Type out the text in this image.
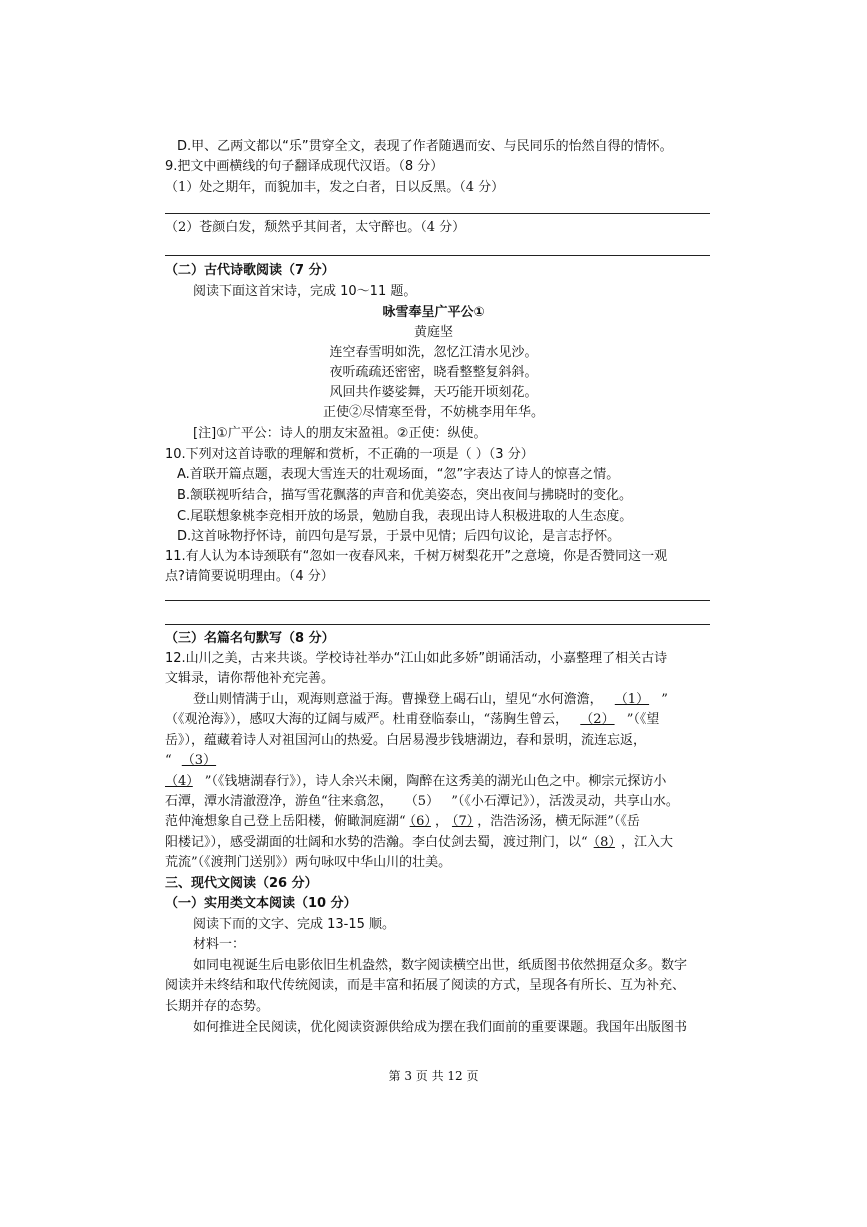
D.甲、乙两文都以“乐”贯穿全文，表现了作者随遇而安、与民同乐的怡然自得的情怀。
9.把文中画横线的句子翻译成现代汉语。（8 分）
（1）处之期年，而貌加丰，发之白者，日以反黑。（4 分）
（2）苍颜白发，颓然乎其间者，太守醉也。（4 分）
（二）古代诗歌阅读（7 分）
阅读下面这首宋诗，完成 10～11 题。
咏雪奉呈广平公①
黄庭坚
连空春雪明如洗，忽忆江清水见沙。
夜听疏疏还密密，晓看整整复斜斜。
风回共作婆娑舞，天巧能开顷刻花。
正使②尽情寒至骨，不妨桃李用年华。
[注]①广平公：诗人的朋友宋盈祖。②正使：纵使。
10.下列对这首诗歌的理解和赏析，不正确的一项是（ ）（3 分）
A.首联开篇点题，表现大雪连天的壮观场面，“忽”字表达了诗人的惊喜之情。
B.颔联视听结合，描写雪花飘落的声音和优美姿态，突出夜间与拂晓时的变化。
C.尾联想象桃李竞相开放的场景，勉励自我，表现出诗人积极进取的人生态度。
D.这首咏物抒怀诗，前四句是写景，于景中见情；后四句议论，是言志抒怀。
11.有人认为本诗颈联有“忽如一夜春风来，千树万树梨花开”之意境，你是否赞同这一观
点?请简要说明理由。（4 分）
（三）名篇名句默写（8 分）
12.山川之美，古来共谈。学校诗社举办“江山如此多娇”朗诵活动，小嘉整理了相关古诗
文辑录，请你帮他补充完善。
登山则情满于山，观海则意溢于海。曹操登上碣石山，望见“水何澹澹， （1） ”
（《观沧海》），感叹大海的辽阔与威严。杜甫登临泰山，“荡胸生曾云， （2） ”（《望
岳》），蕴藏着诗人对祖国河山的热爱。白居易漫步钱塘湖边，春和景明，流连忘返，
“ （3）
（4） ”（《钱塘湖春行》），诗人余兴未阑，陶醉在这秀美的湖光山色之中。柳宗元探访小
石潭，潭水清澈澄净，游鱼“往来翕忽， （5） ”（《小石潭记》），活泼灵动，共享山水。
范仲淹想象自己登上岳阳楼，俯瞰洞庭湖“ （6） ， （7） ，浩浩汤汤，横无际涯”（《岳
阳楼记》），感受湖面的壮阔和水势的浩瀚。李白仗剑去蜀，渡过荆门，以“ （8） ，江入大
荒流”（《渡荆门送别》）两句咏叹中华山川的壮美。
三、现代文阅读（26 分）
（一）实用类文本阅读（10 分）
阅读下而的文字、完成 13-15 顺。
材料一：
如同电视诞生后电影依旧生机盎然，数字阅读横空出世，纸质图书依然拥趸众多。数字
阅读并未终结和取代传统阅读，而是丰富和拓展了阅读的方式，呈现各有所长、互为补充、
长期并存的态势。
如何推进全民阅读，优化阅读资源供给成为摆在我们面前的重要课题。我国年出版图书
第 3 页 共 12 页
